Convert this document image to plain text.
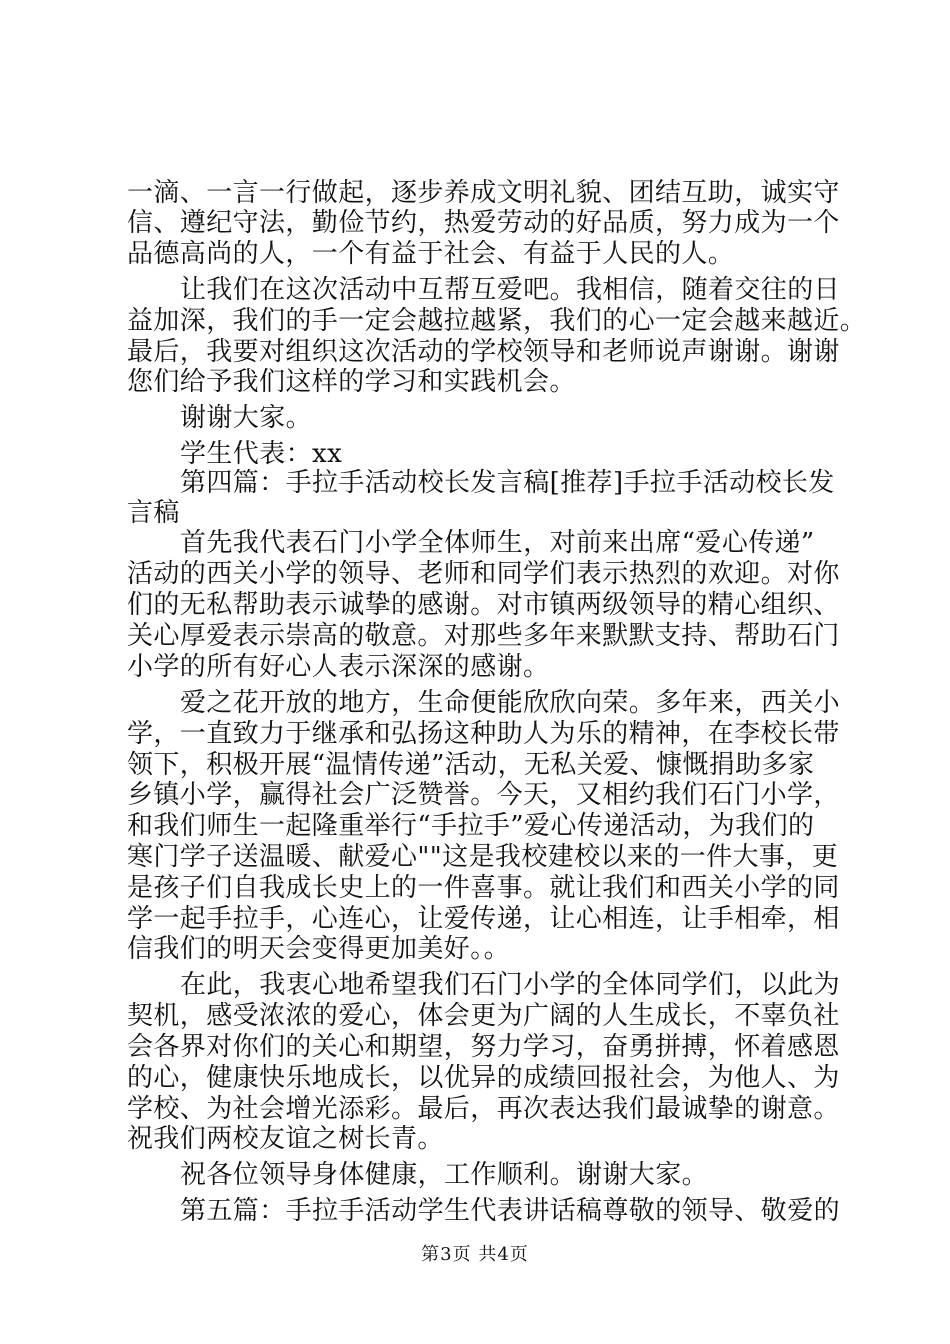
一滴、一言一行做起，逐步养成文明礼貌、团结互助，诚实守
信、遵纪守法，勤俭节约，热爱劳动的好品质，努力成为一个
品德高尚的人，一个有益于社会、有益于人民的人。
让我们在这次活动中互帮互爱吧。我相信，随着交往的日
益加深，我们的手一定会越拉越紧，我们的心一定会越来越近。
最后，我要对组织这次活动的学校领导和老师说声谢谢。谢谢
您们给予我们这样的学习和实践机会。
谢谢大家。
学生代表：xx
第四篇：手拉手活动校长发言稿[推荐]手拉手活动校长发
言稿
首先我代表石门小学全体师生，对前来出席“爱心传递”
活动的西关小学的领导、老师和同学们表示热烈的欢迎。对你
们的无私帮助表示诚挚的感谢。对市镇两级领导的精心组织、
关心厚爱表示崇高的敬意。对那些多年来默默支持、帮助石门
小学的所有好心人表示深深的感谢。
爱之花开放的地方，生命便能欣欣向荣。多年来，西关小
学，一直致力于继承和弘扬这种助人为乐的精神，在李校长带
领下，积极开展“温情传递”活动，无私关爱、慷慨捐助多家
乡镇小学，赢得社会广泛赞誉。今天，又相约我们石门小学，
和我们师生一起隆重举行“手拉手”爱心传递活动，为我们的
寒门学子送温暖、献爱心""这是我校建校以来的一件大事，更
是孩子们自我成长史上的一件喜事。就让我们和西关小学的同
学一起手拉手，心连心，让爱传递，让心相连，让手相牵，相
信我们的明天会变得更加美好。。
在此，我衷心地希望我们石门小学的全体同学们，以此为
契机，感受浓浓的爱心，体会更为广阔的人生成长，不辜负社
会各界对你们的关心和期望，努力学习，奋勇拼搏，怀着感恩
的心，健康快乐地成长，以优异的成绩回报社会，为他人、为
学校、为社会增光添彩。最后，再次表达我们最诚挚的谢意。
祝我们两校友谊之树长青。
祝各位领导身体健康，工作顺利。谢谢大家。
第五篇：手拉手活动学生代表讲话稿尊敬的领导、敬爱的
第3页 共4页
